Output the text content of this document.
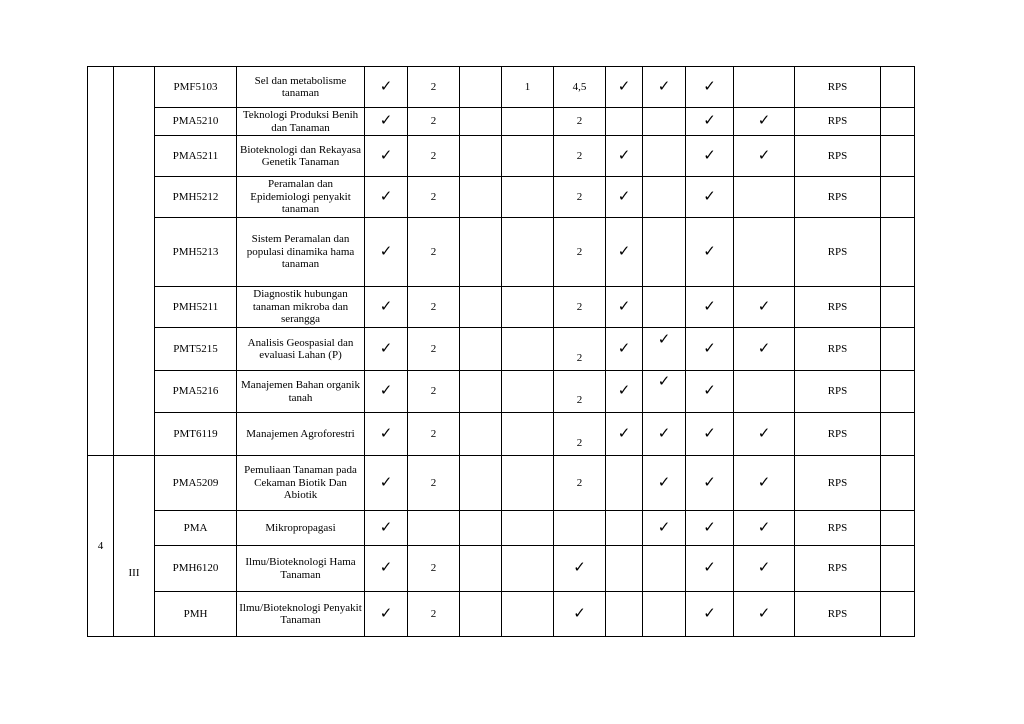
		PMF5103	Sel dan metabolisme tanaman	✓	2		1	4,5	✓	✓	✓		RPS	
		PMA5210	Teknologi Produksi Benih dan Tanaman	✓	2			2			✓	✓	RPS	
		PMA5211	Bioteknologi dan Rekayasa Genetik Tanaman	✓	2			2	✓		✓	✓	RPS	
		PMH5212	Peramalan dan Epidemiologi penyakit tanaman	✓	2			2	✓		✓		RPS	
		PMH5213	Sistem Peramalan dan populasi dinamika hama tanaman	✓	2			2	✓		✓		RPS	
		PMH5211	Diagnostik hubungan tanaman mikroba dan serangga	✓	2			2	✓		✓	✓	RPS	
		PMT5215	Analisis Geospasial dan evaluasi Lahan (P)	✓	2			2	✓	✓	✓	✓	RPS	
		PMA5216	Manajemen Bahan organik tanah	✓	2			2	✓	✓	✓		RPS	
		PMT6119	Manajemen Agroforestri	✓	2			2	✓	✓	✓	✓	RPS	
4	III	PMA5209	Pemuliaan Tanaman pada Cekaman Biotik Dan Abiotik	✓	2			2		✓	✓	✓	RPS	
		PMA	Mikropropagasi	✓						✓	✓	✓	RPS	
		PMH6120	Ilmu/Bioteknologi Hama Tanaman	✓	2			✓			✓	✓	RPS	
		PMH	Ilmu/Bioteknologi Penyakit Tanaman	✓	2			✓			✓	✓	RPS	
